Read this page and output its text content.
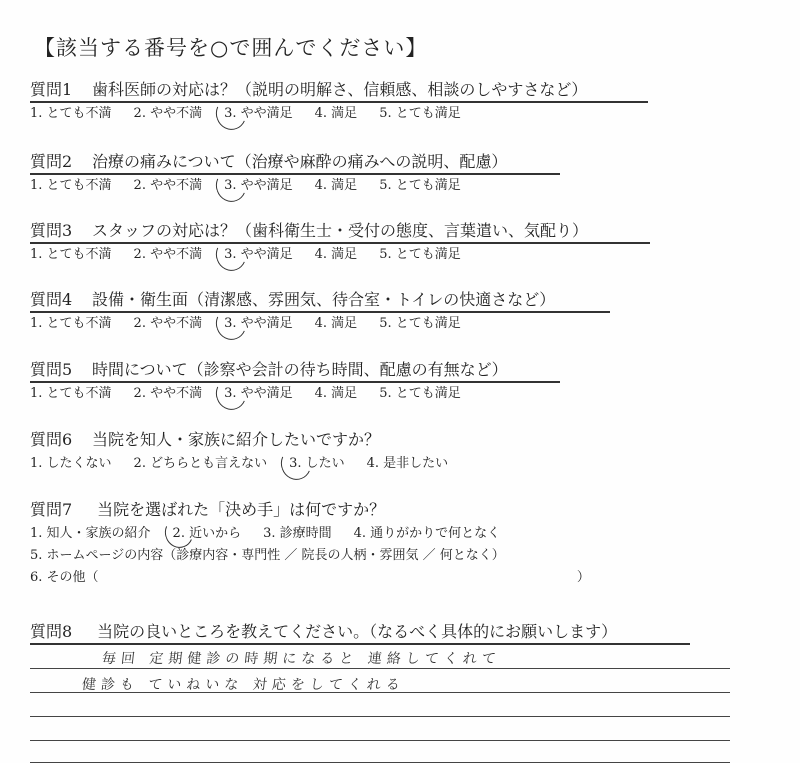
【該当する番号を○で囲んでください】
質問1 歯科医師の対応は？（説明の明解さ、信頼感、相談のしやすさなど）
1. とても不満 2. やや不満 3. やや満足 4. 満足 5. とても満足
質問2 治療の痛みについて（治療や麻酔の痛みへの説明、配慮）
1. とても不満 2. やや不満 3. やや満足 4. 満足 5. とても満足
質問3 スタッフの対応は？（歯科衛生士・受付の態度、言葉遣い、気配り）
1. とても不満 2. やや不満 3. やや満足 4. 満足 5. とても満足
質問4 設備・衛生面（清潔感、雰囲気、待合室・トイレの快適さなど）
1. とても不満 2. やや不満 3. やや満足 4. 満足 5. とても満足
質問5 時間について（診察や会計の待ち時間、配慮の有無など）
1. とても不満 2. やや不満 3. やや満足 4. 満足 5. とても満足
質問6 当院を知人・家族に紹介したいですか？
1. したくない 2. どちらとも言えない 3. したい 4. 是非したい
質問7 当院を選ばれた「決め手」は何ですか？
1. 知人・家族の紹介 2. 近いから 3. 診療時間 4. 通りがかりで何となく
5. ホームページの内容（診療内容・専門性 ／ 院長の人柄・雰囲気 ／ 何となく）
6. その他（	）
質問8 当院の良いところを教えてください。（なるべく具体的にお願いします）
毎回 定期健診の時期になると 連絡してくれて
健診も ていねいな 対応をしてくれる
